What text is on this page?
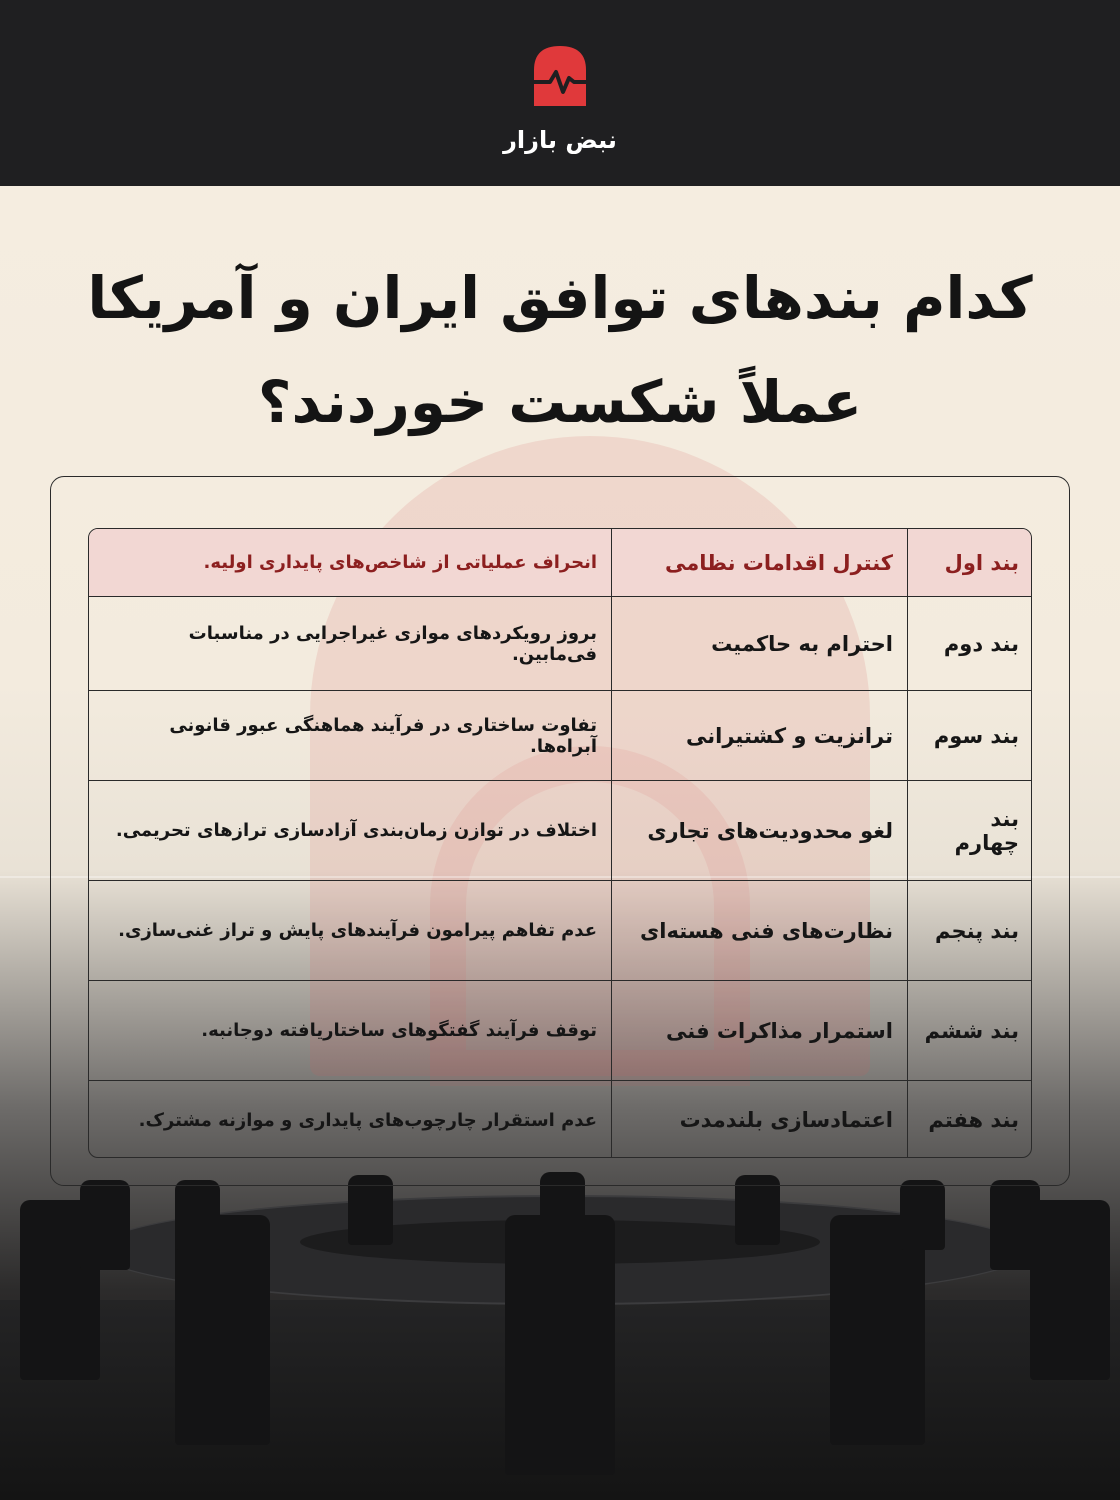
نبض بازار
کدام بندهای توافق ایران و آمریکا
عملاً شکست خوردند؟
بند اول
کنترل اقدامات نظامی
انحراف عملیاتی از شاخص‌های پایداری اولیه.
بند دوم
احترام به حاکمیت
بروز رویکردهای موازی غیراجرایی در مناسبات فی‌مابین.
بند سوم
ترانزیت و کشتیرانی
تفاوت ساختاری در فرآیند هماهنگی عبور قانونی آبراه‌ها.
بند چهارم
لغو محدودیت‌های تجاری
اختلاف در توازن زمان‌بندی آزادسازی ترازهای تحریمی.
بند پنجم
نظارت‌های فنی هسته‌ای
عدم تفاهم پیرامون فرآیندهای پایش و تراز غنی‌سازی.
بند ششم
استمرار مذاکرات فنی
توقف فرآیند گفتگوهای ساختاریافته دوجانبه.
بند هفتم
اعتمادسازی بلندمدت
عدم استقرار چارچوب‌های پایداری و موازنه مشترک.
